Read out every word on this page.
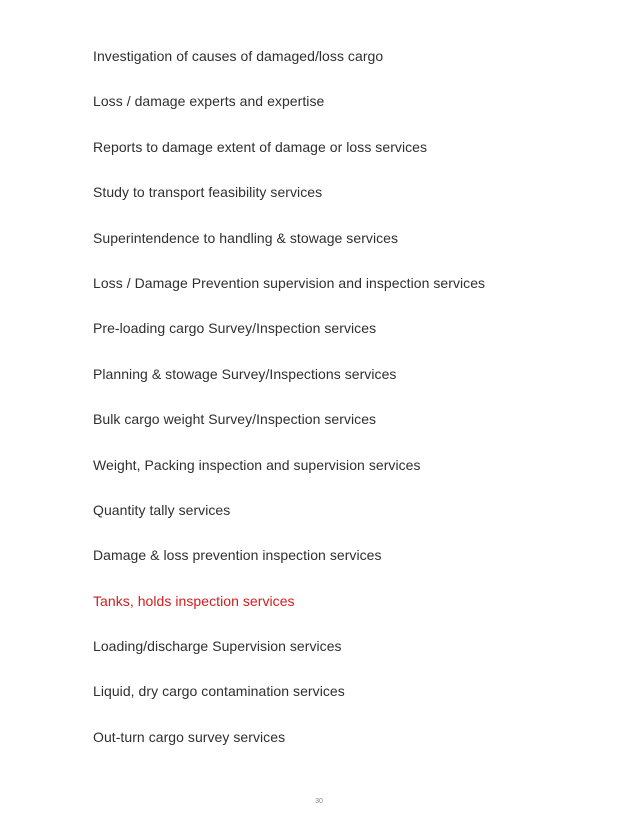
Investigation of causes of damaged/loss cargo
Loss / damage experts and expertise
Reports to damage extent of damage or loss services
Study to transport feasibility services
Superintendence to handling & stowage services
Loss / Damage Prevention supervision and inspection services
Pre-loading cargo Survey/Inspection services
Planning & stowage Survey/Inspections services
Bulk cargo weight Survey/Inspection services
Weight, Packing inspection and supervision services
Quantity tally services
Damage & loss prevention inspection services
Tanks, holds inspection services
Loading/discharge Supervision services
Liquid, dry cargo contamination services
Out-turn cargo survey services
30
